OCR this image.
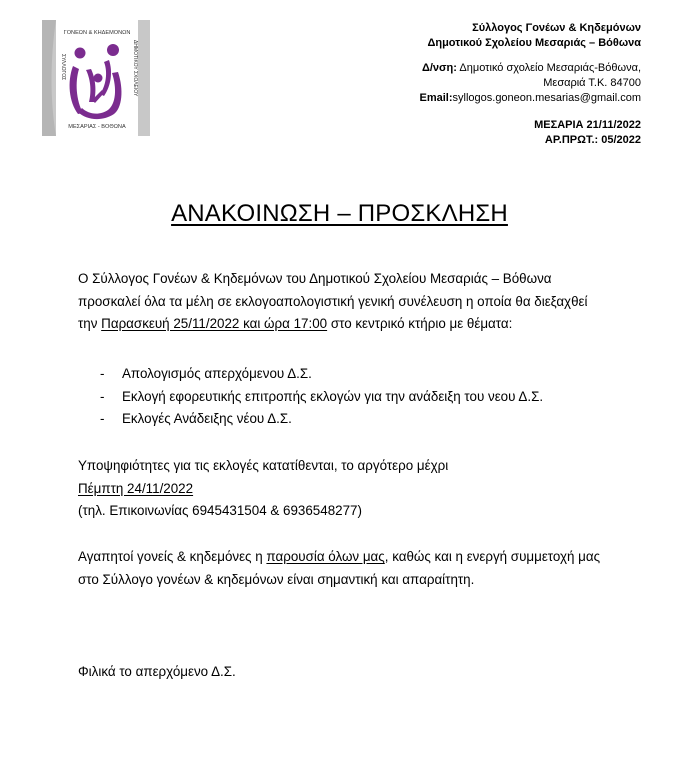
ΓΟΝΕΩΝ & ΚΗΔΕΜΟΝΩΝ
ΣΥΛΛΟΓΟΣ	ΔΗΜΟΤΙΚΟΥ ΣΧΟΛΕΙΟΥ
ΜΕΣΑΡΙΑΣ - ΒΟΘΩΝΑ
Σύλλογος Γονέων & Κηδεμόνων
Δημοτικού Σχολείου Μεσαριάς – Βόθωνα
Δ/νση: Δημοτικό σχολείο Μεσαριάς-Βόθωνα,
Μεσαριά Τ.Κ. 84700
Email:syllogos.goneon.mesarias@gmail.com
ΜΕΣΑΡΙΑ 21/11/2022
ΑΡ.ΠΡΩΤ.: 05/2022
ΑΝΑΚΟΙΝΩΣΗ – ΠΡΟΣΚΛΗΣΗ
Ο Σύλλογος Γονέων & Κηδεμόνων του Δημοτικού Σχολείου Μεσαριάς – Βόθωνα προσκαλεί όλα τα μέλη σε εκλογοαπολογιστική γενική συνέλευση η οποία θα διεξαχθεί την Παρασκευή 25/11/2022 και ώρα 17:00 στο κεντρικό κτήριο με θέματα:
- Απολογισμός απερχόμενου Δ.Σ.
- Εκλογή εφορευτικής επιτροπής εκλογών για την ανάδειξη του νεου Δ.Σ.
- Εκλογές Ανάδειξης νέου Δ.Σ.
Υποψηφιότητες για τις εκλογές κατατίθενται, το αργότερο μέχρι
Πέμπτη 24/11/2022
(τηλ. Επικοινωνίας 6945431504 & 6936548277)
Αγαπητοί γονείς & κηδεμόνες η παρουσία όλων μας, καθώς και η ενεργή συμμετοχή μας στο Σύλλογο γονέων & κηδεμόνων είναι σημαντική και απαραίτητη.
Φιλικά το απερχόμενο Δ.Σ.
